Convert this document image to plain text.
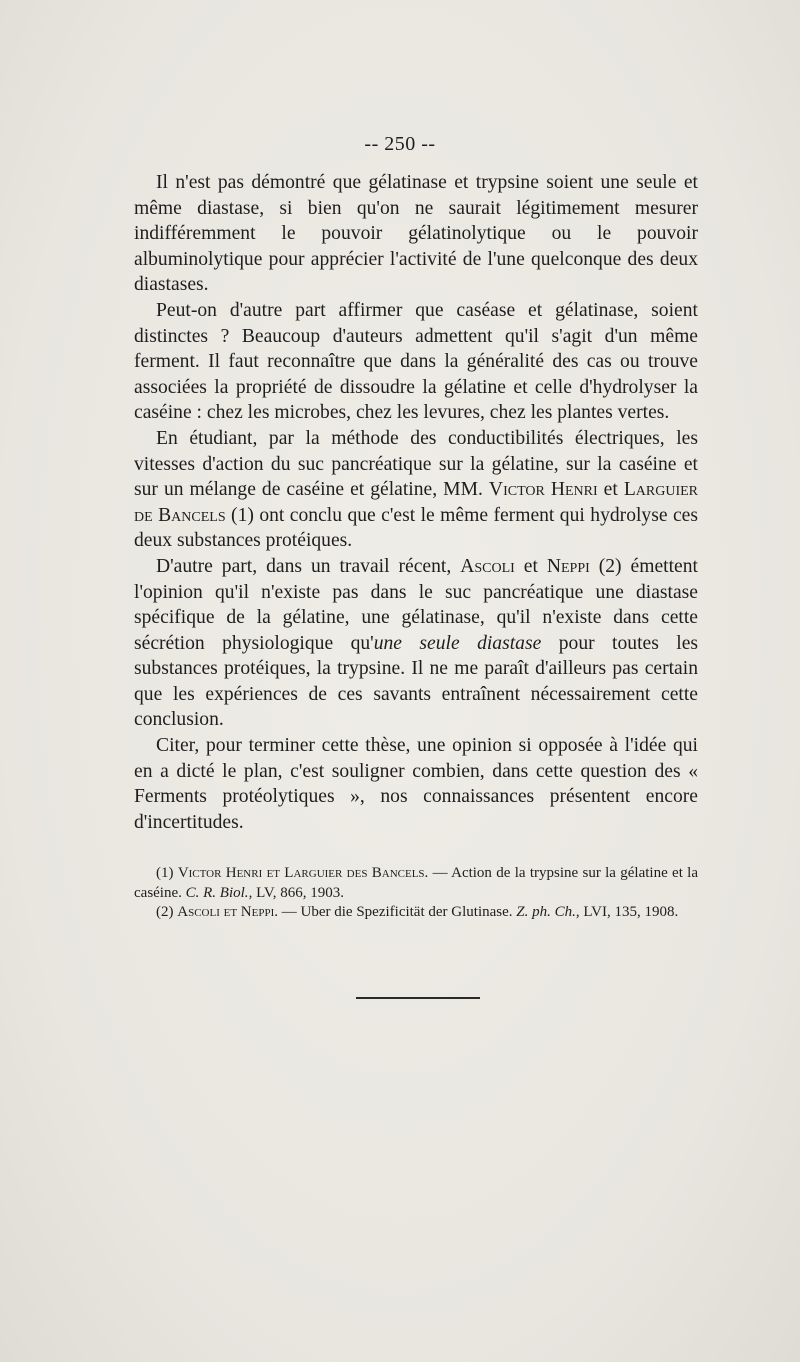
-- 250 --

Il n'est pas démontré que gélatinase et trypsine soient une seule et même diastase, si bien qu'on ne saurait légitimement mesurer indifféremment le pouvoir gélatinolytique ou le pouvoir albuminolytique pour apprécier l'activité de l'une quelconque des deux diastases.

Peut-on d'autre part affirmer que caséase et gélatinase, soient distinctes ? Beaucoup d'auteurs admettent qu'il s'agit d'un même ferment. Il faut reconnaître que dans la généralité des cas ou trouve associées la propriété de dissoudre la gélatine et celle d'hydrolyser la caséine : chez les microbes, chez les levures, chez les plantes vertes.

En étudiant, par la méthode des conductibilités électriques, les vitesses d'action du suc pancréatique sur la gélatine, sur la caséine et sur un mélange de caséine et gélatine, MM. Victor Henri et Larguier de Bancels (1) ont conclu que c'est le même ferment qui hydrolyse ces deux substances protéiques.

D'autre part, dans un travail récent, Ascoli et Neppi (2) émettent l'opinion qu'il n'existe pas dans le suc pancréatique une diastase spécifique de la gélatine, une gélatinase, qu'il n'existe dans cette sécrétion physiologique qu'une seule diastase pour toutes les substances protéiques, la trypsine. Il ne me paraît d'ailleurs pas certain que les expériences de ces savants entraînent nécessairement cette conclusion.

Citer, pour terminer cette thèse, une opinion si opposée à l'idée qui en a dicté le plan, c'est souligner combien, dans cette question des « Ferments protéolytiques », nos connaissances présentent encore d'incertitudes.

(1) Victor Henri et Larguier des Bancels. — Action de la trypsine sur la gélatine et la caséine. C. R. Biol., LV, 866, 1903.

(2) Ascoli et Neppi. — Uber die Spezificität der Glutinase. Z. ph. Ch., LVI, 135, 1908.
